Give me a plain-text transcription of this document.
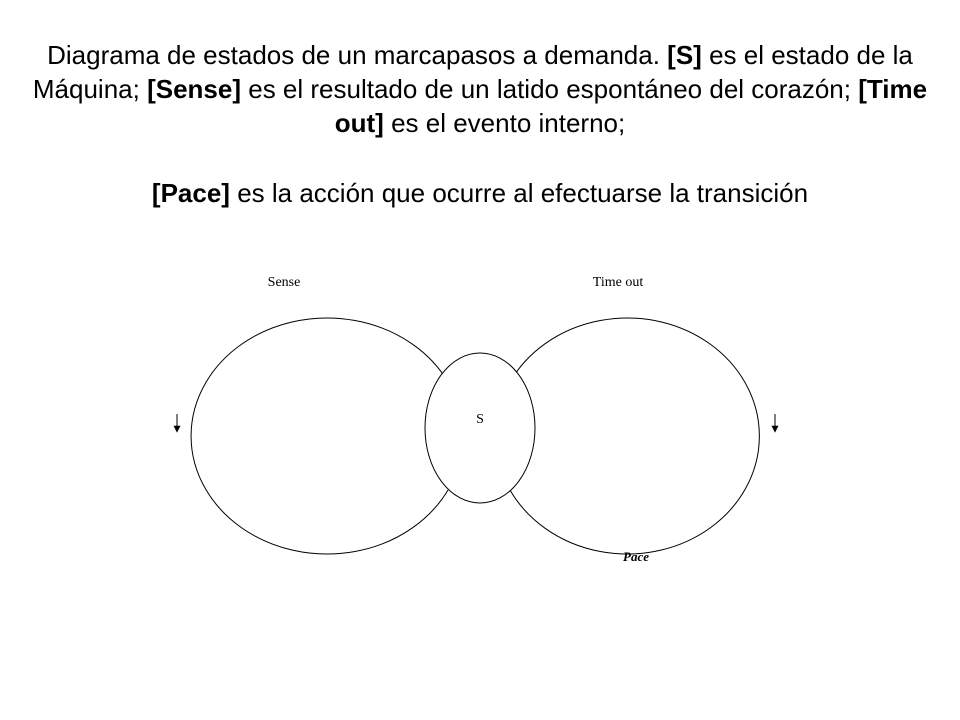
Diagrama de estados de un marcapasos a demanda. [S] es el estado de la Máquina; [Sense] es el resultado de un latido espontáneo del corazón; [Time out] es el evento interno;
[Pace] es la acción que ocurre al efectuarse la transición
S
Sense	Time out
Pace
